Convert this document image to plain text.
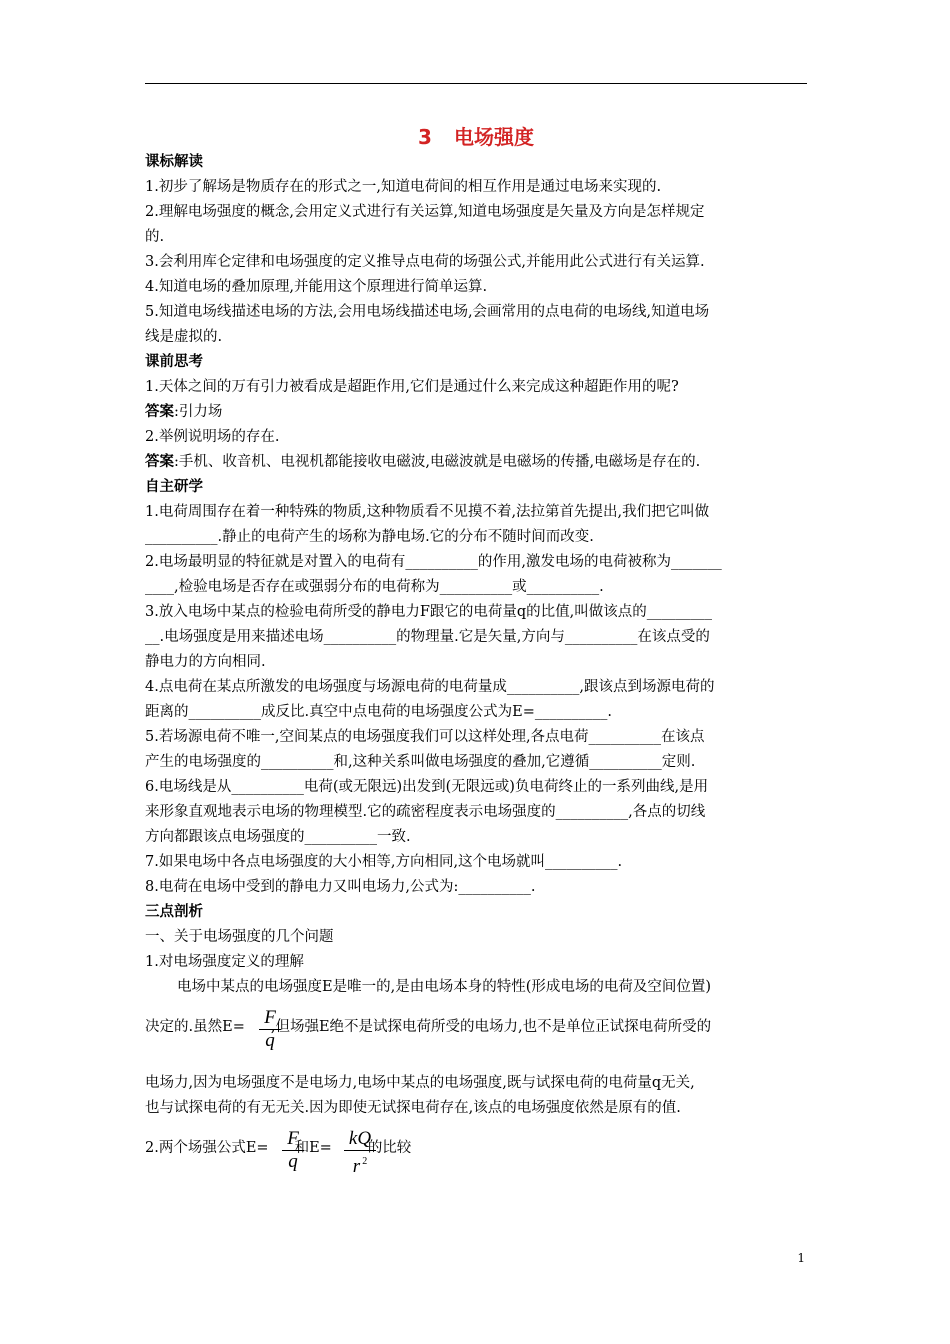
3 电场强度
课标解读
1.初步了解场是物质存在的形式之一,知道电荷间的相互作用是通过电场来实现的.
2.理解电场强度的概念,会用定义式进行有关运算,知道电场强度是矢量及方向是怎样规定
的.
3.会利用库仑定律和电场强度的定义推导点电荷的场强公式,并能用此公式进行有关运算.
4.知道电场的叠加原理,并能用这个原理进行简单运算.
5.知道电场线描述电场的方法,会用电场线描述电场,会画常用的点电荷的电场线,知道电场
线是虚拟的.
课前思考
1.天体之间的万有引力被看成是超距作用,它们是通过什么来完成这种超距作用的呢?
答案:引力场
2.举例说明场的存在.
答案:手机、收音机、电视机都能接收电磁波,电磁波就是电磁场的传播,电磁场是存在的.
自主研学
1.电荷周围存在着一种特殊的物质,这种物质看不见摸不着,法拉第首先提出,我们把它叫做
__________.静止的电荷产生的场称为静电场.它的分布不随时间而改变.
2.电场最明显的特征就是对置入的电荷有__________的作用,激发电场的电荷被称为_______
____,检验电场是否存在或强弱分布的电荷称为__________或__________.
3.放入电场中某点的检验电荷所受的静电力F跟它的电荷量q的比值,叫做该点的_________
__.电场强度是用来描述电场__________的物理量.它是矢量,方向与__________在该点受的
静电力的方向相同.
4.点电荷在某点所激发的电场强度与场源电荷的电荷量成__________,跟该点到场源电荷的
距离的__________成反比.真空中点电荷的电场强度公式为E=__________.
5.若场源电荷不唯一,空间某点的电场强度我们可以这样处理,各点电荷__________在该点
产生的电场强度的__________和,这种关系叫做电场强度的叠加,它遵循__________定则.
6.电场线是从__________电荷(或无限远)出发到(无限远或)负电荷终止的一系列曲线,是用
来形象直观地表示电场的物理模型.它的疏密程度表示电场强度的__________,各点的切线
方向都跟该点电场强度的__________一致.
7.如果电场中各点电场强度的大小相等,方向相同,这个电场就叫__________.
8.电荷在电场中受到的静电力又叫电场力,公式为:__________.
三点剖析
一、关于电场强度的几个问题
1.对电场强度定义的理解
电场中某点的电场强度E是唯一的,是由电场本身的特性(形成电场的电荷及空间位置)
决定的.虽然E= ,但场强E绝不是试探电荷所受的电场力,也不是单位正试探电荷所受的
F
q
电场力,因为电场强度不是电场力,电场中某点的电场强度,既与试探电荷的电荷量q无关,
也与试探电荷的有无无关.因为即使无试探电荷存在,该点的电场强度依然是原有的值.
2.两个场强公式E= 和E= 的比较
F
q
kQ
r $^2$
1
